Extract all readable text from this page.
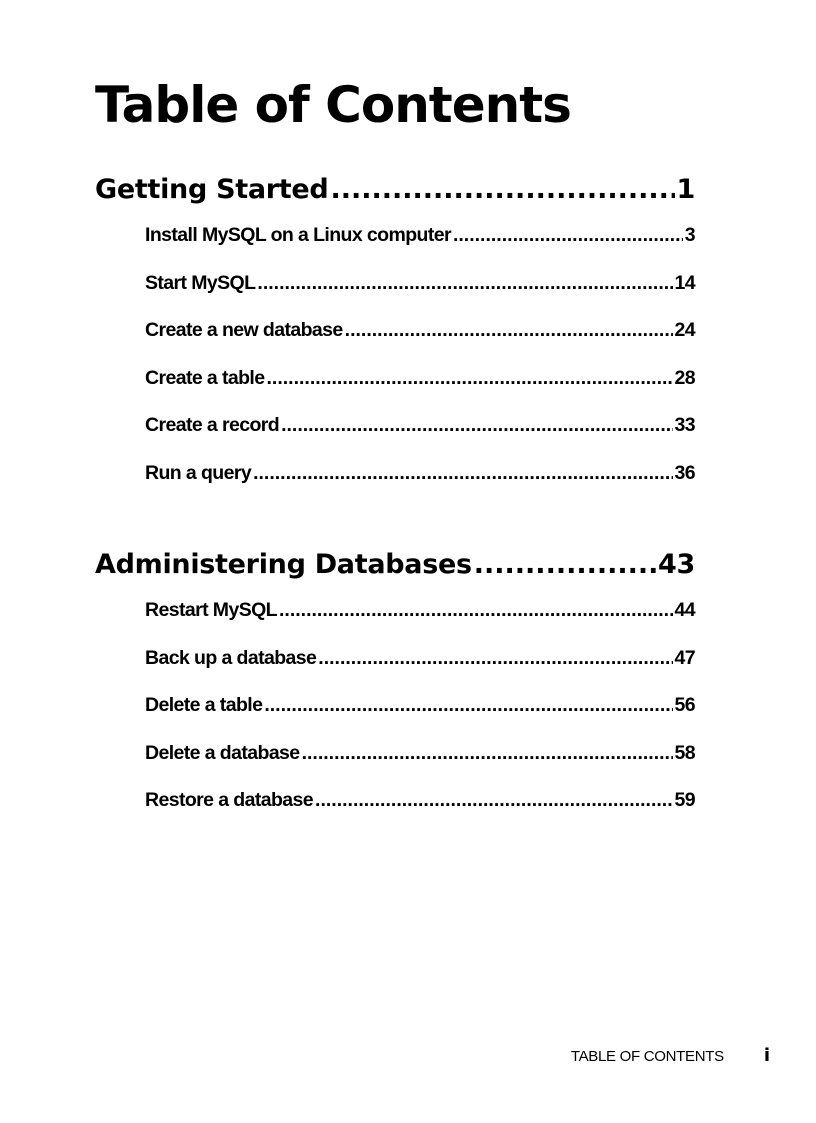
Table of Contents
Getting Started .....	1
Install MySQL on a Linux computer .....	3
Start MySQL .....	14
Create a new database .....	24
Create a table .....	28
Create a record .....	33
Run a query .....	36
Administering Databases .....	43
Restart MySQL .....	44
Back up a database .....	47
Delete a table .....	56
Delete a database .....	58
Restore a database .....	59
TABLE OF CONTENTS i
